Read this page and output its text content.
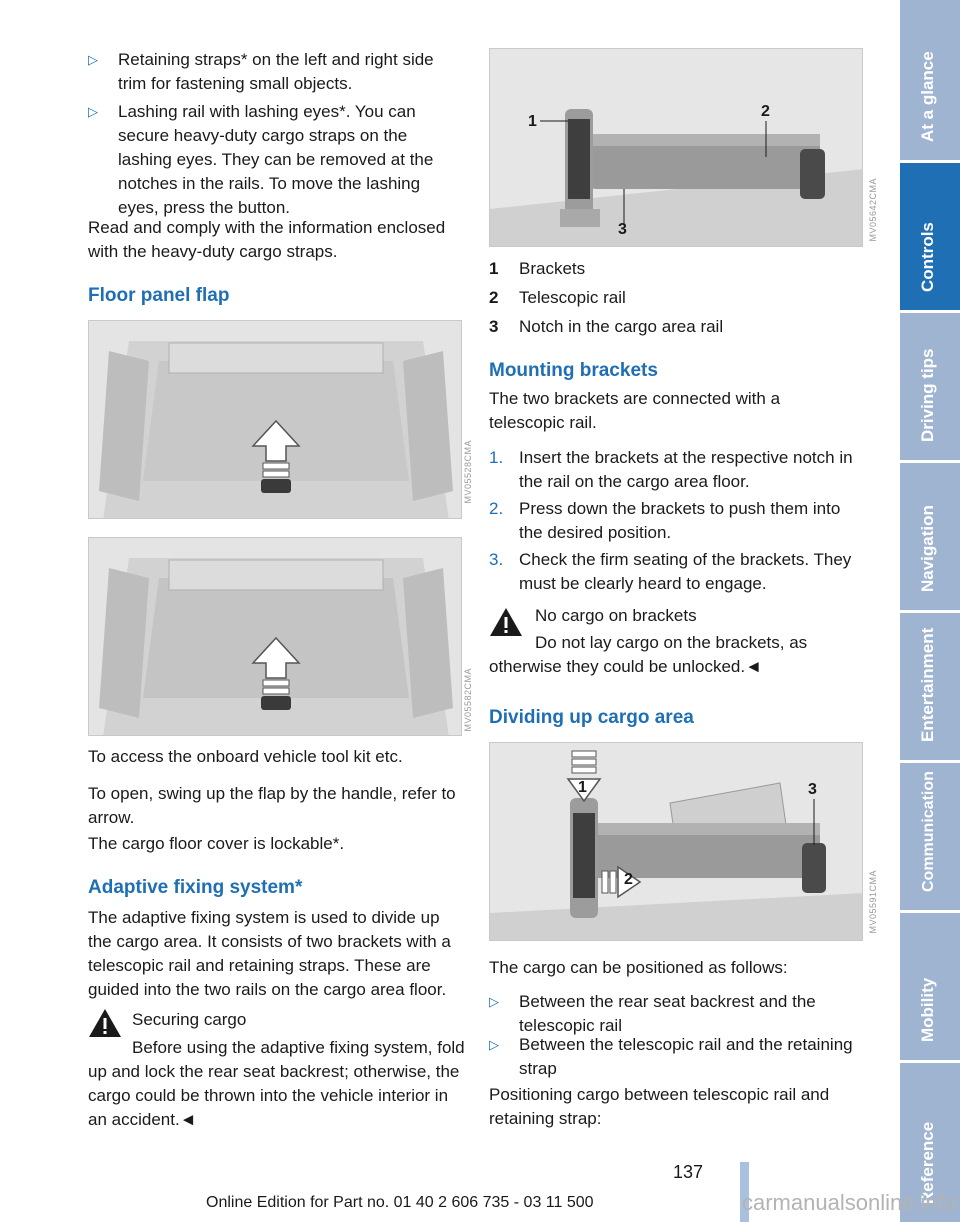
▷ Retaining straps* on the left and right side trim for fastening small objects.
▷ Lashing rail with lashing eyes*. You can secure heavy-duty cargo straps on the lashing eyes. They can be removed at the notches in the rails. To move the lashing eyes, press the button.

Read and comply with the information enclosed with the heavy-duty cargo straps.

Floor panel flap
MV05528CMA
MV05582CMA

To access the onboard vehicle tool kit etc.

To open, swing up the flap by the handle, refer to arrow.

The cargo floor cover is lockable*.

Adaptive fixing system*

The adaptive fixing system is used to divide up the cargo area. It consists of two brackets with a telescopic rail and retaining straps. These are guided into the two rails on the cargo area floor.

Securing cargo

Before using the adaptive fixing system, fold up and lock the rear seat backrest; otherwise, the cargo could be thrown into the vehicle interior in an accident.◄

1
2
3	MV05642CMA
1 Brackets
2 Telescopic rail
3 Notch in the cargo area rail
Mounting brackets

The two brackets are connected with a telescopic rail.

1. Insert the brackets at the respective notch in the rail on the cargo area floor.
2. Press down the brackets to push them into the desired position.
3. Check the firm seating of the brackets. They must be clearly heard to engage.

No cargo on brackets

Do not lay cargo on the brackets, as otherwise they could be unlocked.◄

Dividing up cargo area
1
2
3
MV05591CMA

The cargo can be positioned as follows:

▷ Between the rear seat backrest and the telescopic rail
▷ Between the telescopic rail and the retaining strap

Positioning cargo between telescopic rail and retaining strap:

At a glance
Controls
Driving tips
Navigation
Entertainment
Communication
Mobility
Reference
137
Online Edition for Part no. 01 40 2 606 735 - 03 11 500	carmanualsonline.info
